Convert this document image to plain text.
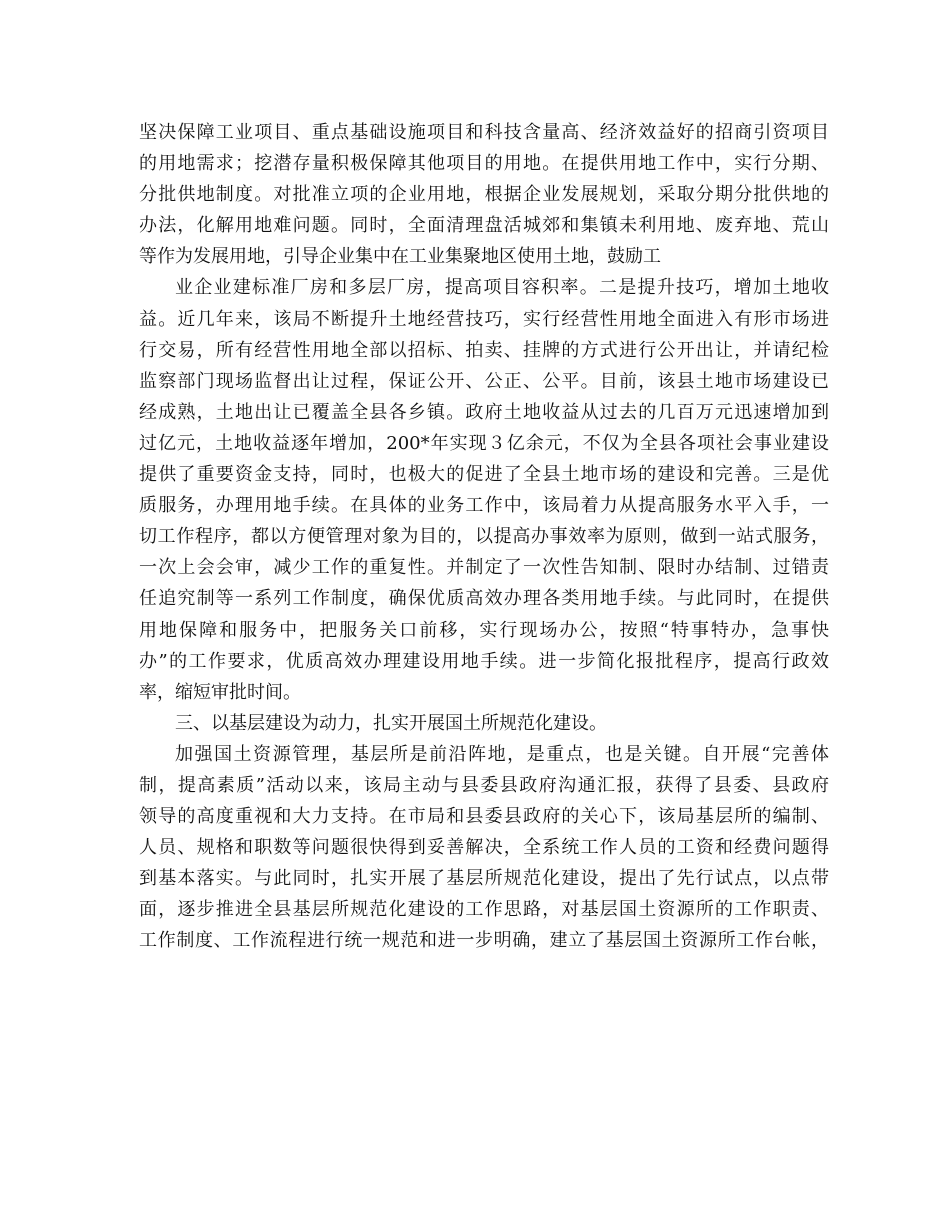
坚决保障工业项目、重点基础设施项目和科技含量高、经济效益好的招商引资项目
的用地需求；挖潜存量积极保障其他项目的用地。在提供用地工作中，实行分期、
分批供地制度。对批准立项的企业用地，根据企业发展规划，采取分期分批供地的
办法，化解用地难问题。同时，全面清理盘活城郊和集镇未利用地、废弃地、荒山
等作为发展用地，引导企业集中在工业集聚地区使用土地，鼓励工
业企业建标准厂房和多层厂房，提高项目容积率。二是提升技巧，增加土地收
益。近几年来，该局不断提升土地经营技巧，实行经营性用地全面进入有形市场进
行交易，所有经营性用地全部以招标、拍卖、挂牌的方式进行公开出让，并请纪检
监察部门现场监督出让过程，保证公开、公正、公平。目前，该县土地市场建设已
经成熟，土地出让已覆盖全县各乡镇。政府土地收益从过去的几百万元迅速增加到
过亿元，土地收益逐年增加，200*年实现３亿余元，不仅为全县各项社会事业建设
提供了重要资金支持，同时，也极大的促进了全县土地市场的建设和完善。三是优
质服务，办理用地手续。在具体的业务工作中，该局着力从提高服务水平入手，一
切工作程序，都以方便管理对象为目的，以提高办事效率为原则，做到一站式服务，
一次上会会审，减少工作的重复性。并制定了一次性告知制、限时办结制、过错责
任追究制等一系列工作制度，确保优质高效办理各类用地手续。与此同时，在提供
用地保障和服务中，把服务关口前移，实行现场办公，按照“特事特办，急事快
办”的工作要求，优质高效办理建设用地手续。进一步简化报批程序，提高行政效
率，缩短审批时间。
三、以基层建设为动力，扎实开展国土所规范化建设。
加强国土资源管理，基层所是前沿阵地，是重点，也是关键。自开展“完善体
制，提高素质”活动以来，该局主动与县委县政府沟通汇报，获得了县委、县政府
领导的高度重视和大力支持。在市局和县委县政府的关心下，该局基层所的编制、
人员、规格和职数等问题很快得到妥善解决，全系统工作人员的工资和经费问题得
到基本落实。与此同时，扎实开展了基层所规范化建设，提出了先行试点，以点带
面，逐步推进全县基层所规范化建设的工作思路，对基层国土资源所的工作职责、
工作制度、工作流程进行统一规范和进一步明确，建立了基层国土资源所工作台帐，
